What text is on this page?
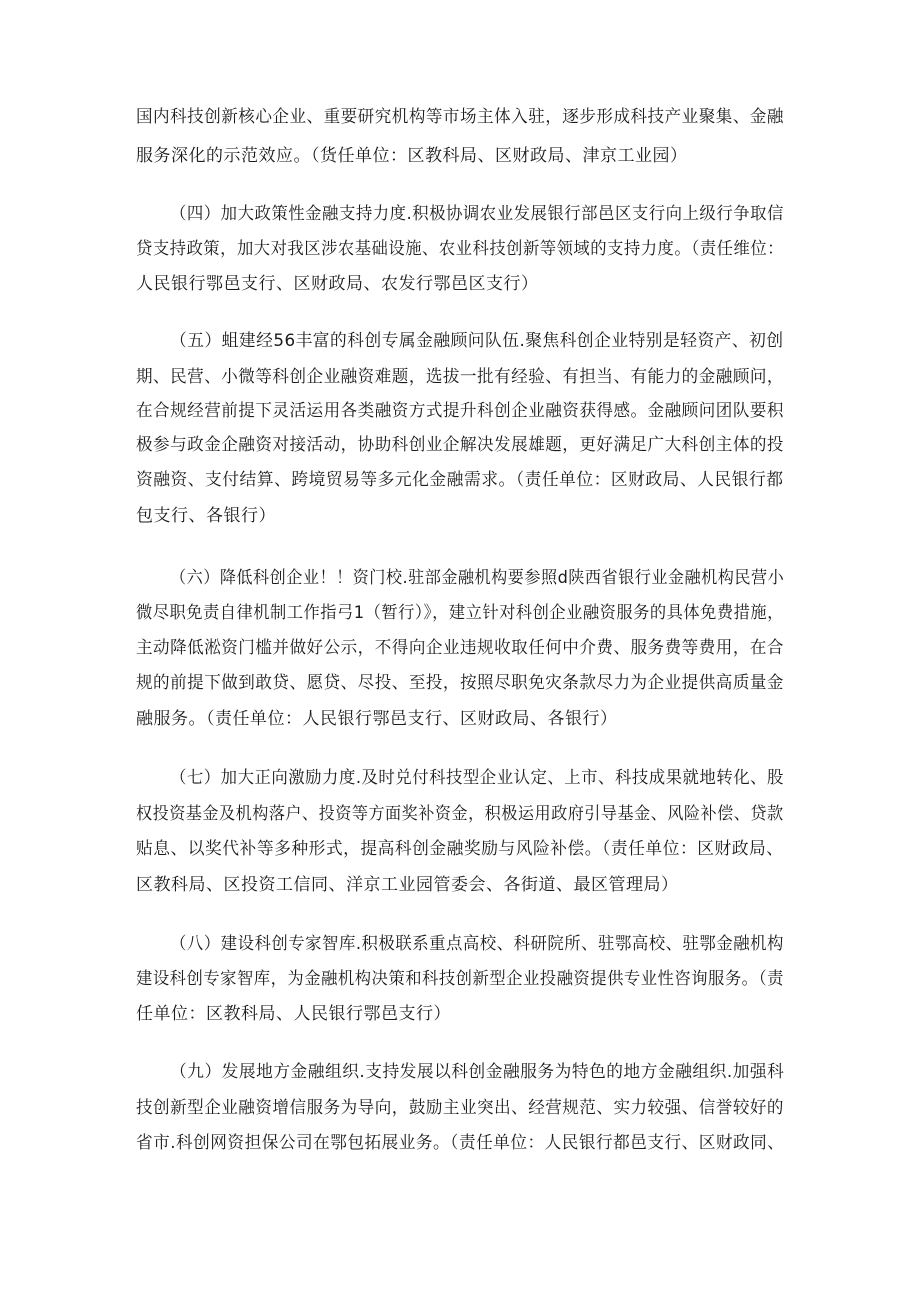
国内科技创新核心企业、重要研究机构等市场主体入驻，逐步形成科技产业聚集、金融
服务深化的示范效应。（货任单位：区教科局、区财政局、津京工业园）
（四）加大政策性金融支持力度.积极协调农业发展银行部邑区支行向上级行争取信
贷支持政策，加大对我区涉农基础设施、农业科技创新等领域的支持力度。（责任维位：
人民银行鄂邑支行、区财政局、农发行鄂邑区支行）
（五）蛆建经56丰富的科创专属金融顾问队伍.聚焦科创企业特别是轻资产、初创
期、民营、小微等科创企业融资难题，选拔一批有经验、有担当、有能力的金融顾问，
在合规经营前提下灵活运用各类融资方式提升科创企业融资获得感。金融顾问团队要积
极参与政金企融资对接活动，协助科创业企解决发展雄题，更好满足广大科创主体的投
资融资、支付结算、跨境贸易等多元化金融需求。（责任单位：区财政局、人民银行都
包支行、各银行）
（六）降低科创企业！！资门校.驻部金融机构要参照d陕西省银行业金融机构民营小
微尽职免责自律机制工作指弓1（暂行）》，建立针对科创企业融资服务的具体免费措施，
主动降低淞资门槛并做好公示，不得向企业违规收取任何中介费、服务费等费用，在合
规的前提下做到敢贷、愿贷、尽投、至投，按照尽职免灾条款尽力为企业提供高质量金
融服务。（责任单位：人民银行鄂邑支行、区财政局、各银行）
（七）加大正向激励力度.及时兑付科技型企业认定、上市、科技成果就地转化、股
权投资基金及机构落户、投资等方面奖补资金，积极运用政府引导基金、风险补偿、贷款
贴息、以奖代补等多种形式，提高科创金融奖励与风险补偿。（责任单位：区财政局、
区教科局、区投资工信同、洋京工业园管委会、各街道、最区管理局）
（八）建设科创专家智库.积极联系重点高校、科研院所、驻鄂高校、驻鄂金融机构
建设科创专家智库，为金融机构决策和科技创新型企业投融资提供专业性咨询服务。（责
任单位：区教科局、人民银行鄂邑支行）
（九）发展地方金融组织.支持发展以科创金融服务为特色的地方金融组织.加强科
技创新型企业融资增信服务为导向，鼓励主业突出、经营规范、实力较强、信誉较好的
省市.科创网资担保公司在鄂包拓展业务。（责任单位：人民银行都邑支行、区财政同、
